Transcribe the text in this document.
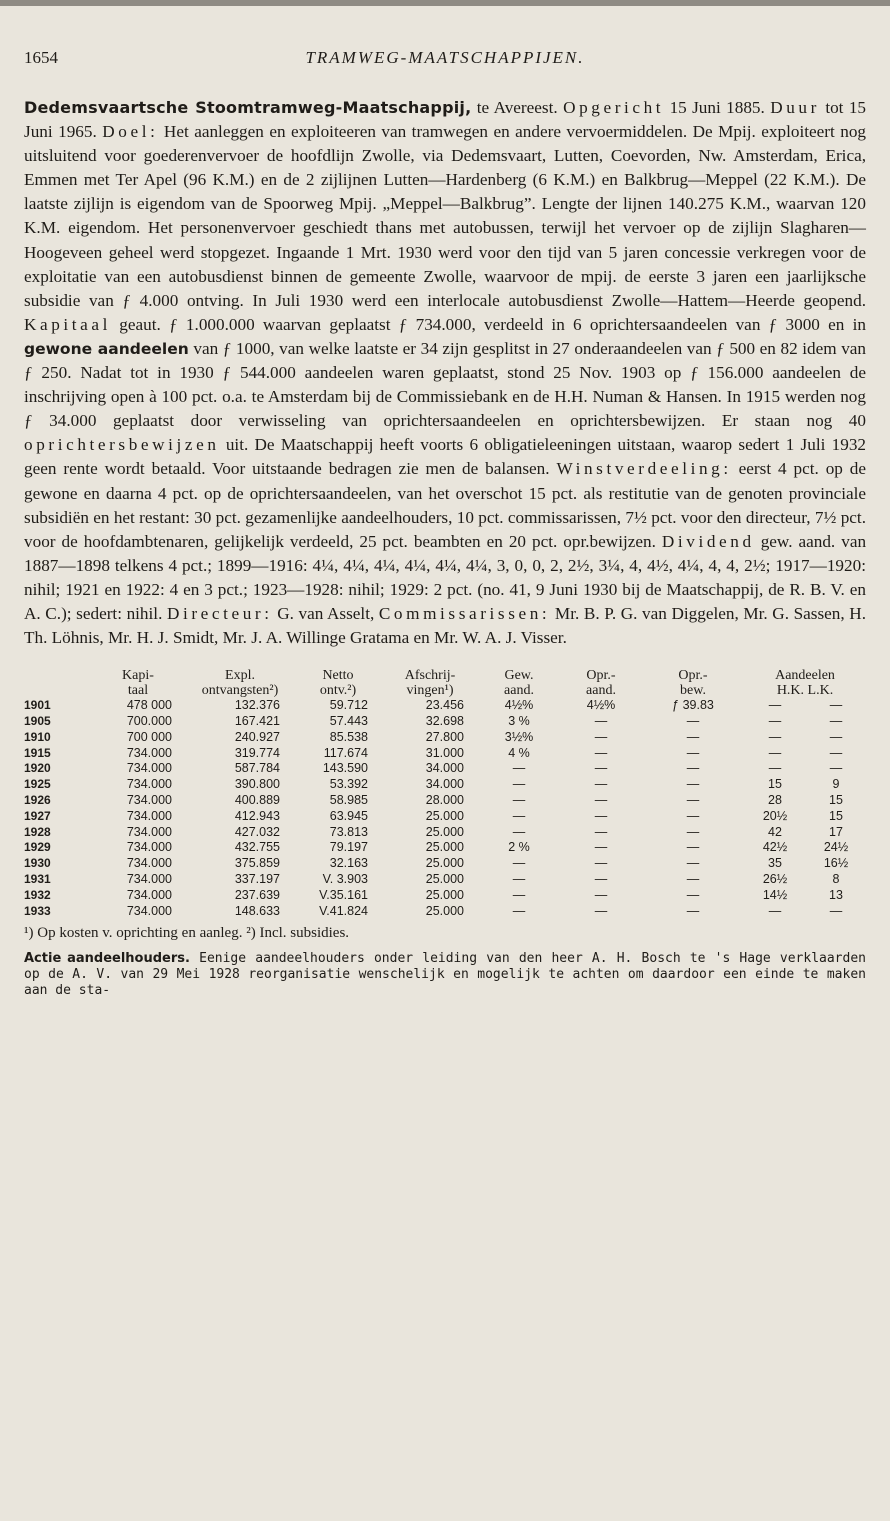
1654	TRAMWEG-MAATSCHAPPIJEN.

Dedemsvaartsche Stoomtramweg-Maatschappij, te Avereest. Opgericht 15 Juni 1885. Duur tot 15 Juni 1965. Doel: Het aanleggen en exploiteeren van tramwegen en andere vervoermiddelen. De Mpij. exploiteert nog uitsluitend voor goederenvervoer de hoofdlijn Zwolle, via Dedemsvaart, Lutten, Coevorden, Nw. Amsterdam, Erica, Emmen met Ter Apel (96 K.M.) en de 2 zijlijnen Lutten—Hardenberg (6 K.M.) en Balkbrug—Meppel (22 K.M.). De laatste zijlijn is eigendom van de Spoorweg Mpij. „Meppel—Balkbrug”. Lengte der lijnen 140.275 K.M., waarvan 120 K.M. eigendom. Het personenvervoer geschiedt thans met autobussen, terwijl het vervoer op de zijlijn Slagharen—Hoogeveen geheel werd stopgezet. Ingaande 1 Mrt. 1930 werd voor den tijd van 5 jaren concessie verkregen voor de exploitatie van een autobusdienst binnen de gemeente Zwolle, waarvoor de mpij. de eerste 3 jaren een jaarlijksche subsidie van ƒ 4.000 ontving. In Juli 1930 werd een interlocale autobusdienst Zwolle—Hattem—Heerde geopend. Kapitaal geaut. ƒ 1.000.000 waarvan geplaatst ƒ 734.000, verdeeld in 6 oprichtersaandeelen van ƒ 3000 en in gewone aandeelen van ƒ 1000, van welke laatste er 34 zijn gesplitst in 27 onderaandeelen van ƒ 500 en 82 idem van ƒ 250. Nadat tot in 1930 ƒ 544.000 aandeelen waren geplaatst, stond 25 Nov. 1903 op ƒ 156.000 aandeelen de inschrijving open à 100 pct. o.a. te Amsterdam bij de Commissiebank en de H.H. Numan & Hansen. In 1915 werden nog ƒ 34.000 geplaatst door verwisseling van oprichtersaandeelen en oprichtersbewijzen. Er staan nog 40 oprichtersbewijzen uit. De Maatschappij heeft voorts 6 obligatieleeningen uitstaan, waarop sedert 1 Juli 1932 geen rente wordt betaald. Voor uitstaande bedragen zie men de balansen. Winstverdeeling: eerst 4 pct. op de gewone en daarna 4 pct. op de oprichtersaandeelen, van het overschot 15 pct. als restitutie van de genoten provinciale subsidiën en het restant: 30 pct. gezamenlijke aandeelhouders, 10 pct. commissarissen, 7½ pct. voor den directeur, 7½ pct. voor de hoofdambtenaren, gelijkelijk verdeeld, 25 pct. beambten en 20 pct. opr.bewijzen. Dividend gew. aand. van 1887—1898 telkens 4 pct.; 1899—1916: 4¼, 4¼, 4¼, 4¼, 4¼, 4¼, 3, 0, 0, 2, 2½, 3¼, 4, 4½, 4¼, 4, 4, 2½; 1917—1920: nihil; 1921 en 1922: 4 en 3 pct.; 1923—1928: nihil; 1929: 2 pct. (no. 41, 9 Juni 1930 bij de Maatschappij, de R. B. V. en A. C.); sedert: nihil. Directeur: G. van Asselt, Commissarissen: Mr. B. P. G. van Diggelen, Mr. G. Sassen, H. Th. Löhnis, Mr. H. J. Smidt, Mr. J. A. Willinge Gratama en Mr. W. A. J. Visser.

	Kapi-	Expl.	Netto	Afschrij-	Gew.	Opr.-	Opr.-	Aandeelen	
	taal	ontvangsten²)	ontv.²)	vingen¹)	aand.	aand.	bew.	H.K. L.K.	
1901	478 000	132.376	59.712	23.456	4½%	4½%	ƒ 39.83	—	—
1905	700.000	167.421	57.443	32.698	3 %	—	—	—	—
1910	700 000	240.927	85.538	27.800	3½%	—	—	—	—
1915	734.000	319.774	117.674	31.000	4 %	—	—	—	—
1920	734.000	587.784	143.590	34.000	—	—	—	—	—
1925	734.000	390.800	53.392	34.000	—	—	—	15	9
1926	734.000	400.889	58.985	28.000	—	—	—	28	15
1927	734.000	412.943	63.945	25.000	—	—	—	20½	15
1928	734.000	427.032	73.813	25.000	—	—	—	42	17
1929	734.000	432.755	79.197	25.000	2 %	—	—	42½	24½
1930	734.000	375.859	32.163	25.000	—	—	—	35	16½
1931	734.000	337.197	V. 3.903	25.000	—	—	—	26½	8
1932	734.000	237.639	V.35.161	25.000	—	—	—	14½	13
1933	734.000	148.633	V.41.824	25.000	—	—	—	—	—
¹) Op kosten v. oprichting en aanleg. ²) Incl. subsidies.

Actie aandeelhouders. Eenige aandeelhouders onder leiding van den heer A. H. Bosch te 's Hage verklaarden op de A. V. van 29 Mei 1928 reorganisatie wenschelijk en mogelijk te achten om daardoor een einde te maken aan de sta-
